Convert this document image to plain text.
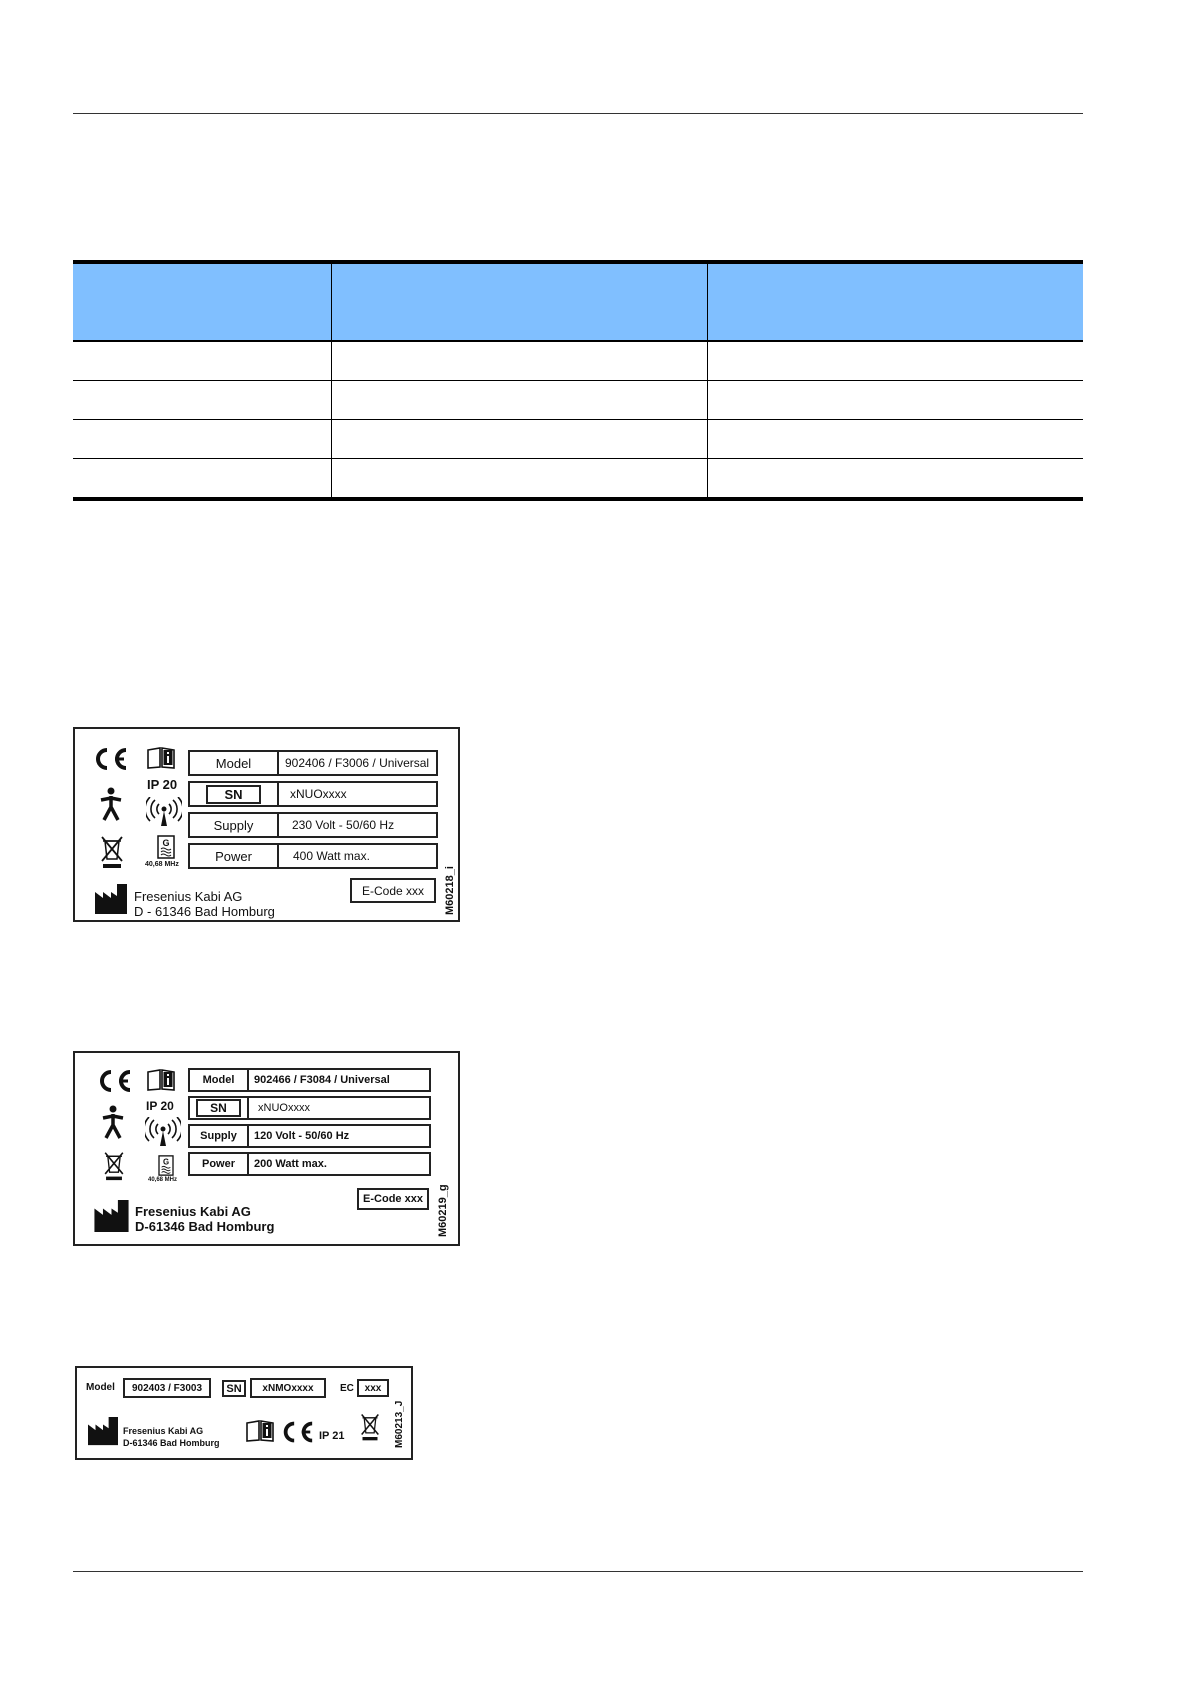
IP 20
G
40,68 MHz
Model	902406 / F3006 / Universal
SN	xNUOxxxx
Supply	230 Volt - 50/60 Hz
Power	400 Watt max.
E-Code xxx
Fresenius Kabi AG
D - 61346 Bad Homburg	M60218_i
IP 20
G
40,68 MHz
Model	902466 / F3084 / Universal
SN	xNUOxxxx
Supply	120 Volt - 50/60 Hz
Power	200 Watt max.
E-Code xxx
Fresenius Kabi AG
D-61346 Bad Homburg	M60219_g
Model 902403 / F3003 SN xNMOxxxx	EC xxx
Fresenius Kabi AG
D-61346 Bad Homburg
IP 21	M60213_J
